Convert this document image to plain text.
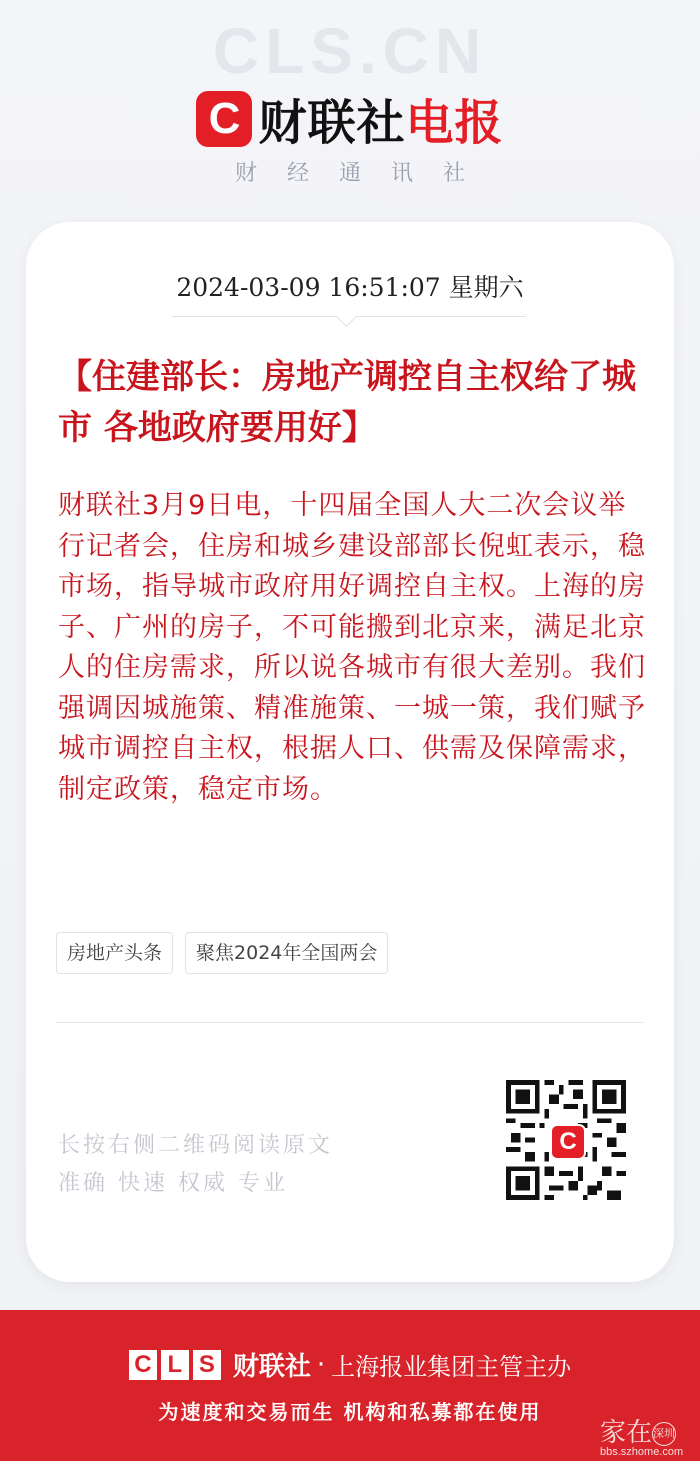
CLS.CN
C 财联社 电报
财经通讯社
2024-03-09 16:51:07 星期六
【住建部长：房地产调控自主权给了城市 各地政府要用好】
财联社3月9日电，十四届全国人大二次会议举行记者会，住房和城乡建设部部长倪虹表示，稳市场，指导城市政府用好调控自主权。上海的房子、广州的房子，不可能搬到北京来，满足北京人的住房需求，所以说各城市有很大差别。我们强调因城施策、精准施策、一城一策，我们赋予城市调控自主权，根据人口、供需及保障需求，制定政策，稳定市场。
房地产头条	聚焦2024年全国两会
长按右侧二维码阅读原文
准确 快速 权威 专业
C
C L S 财联社 · 上海报业集团主管主办
为速度和交易而生 机构和私募都在使用
家在深圳
bbs.szhome.com
